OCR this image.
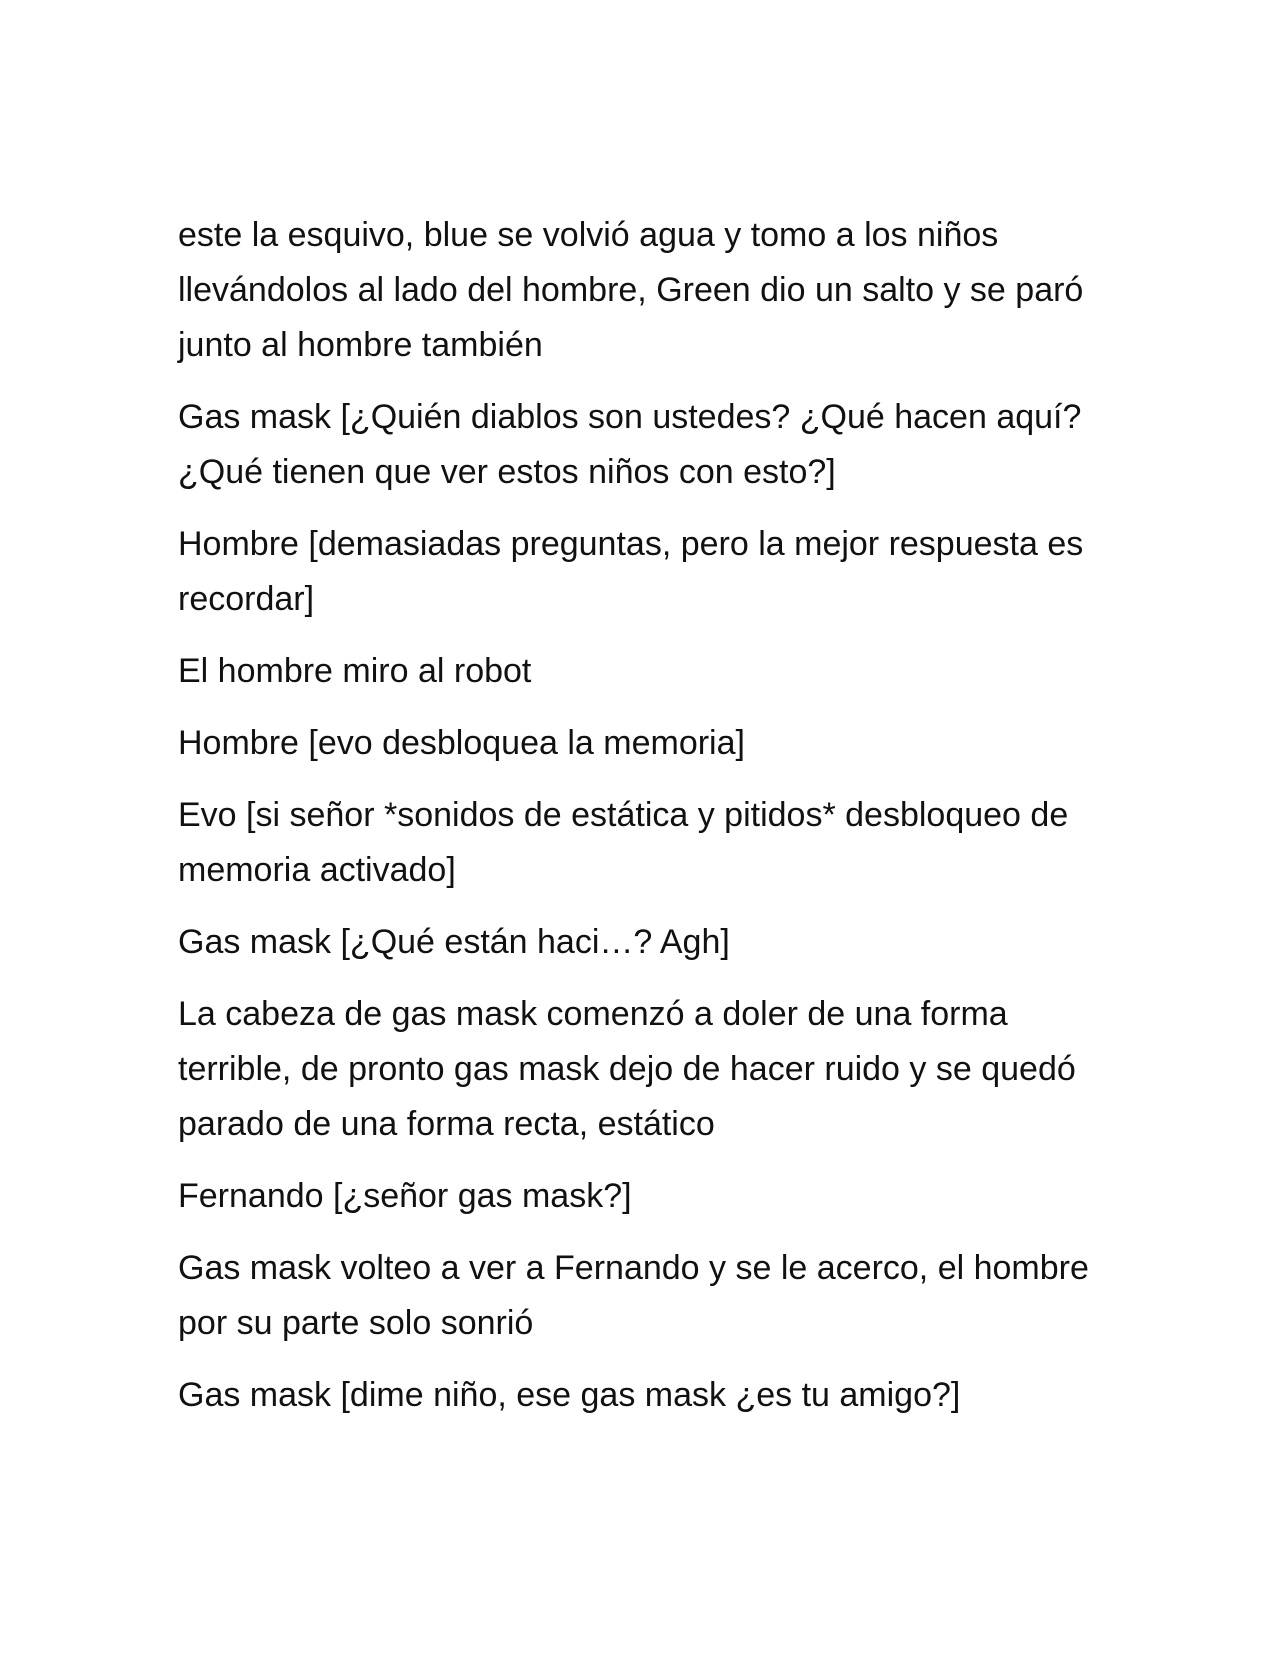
este la esquivo, blue se volvió agua y tomo a los niños llevándolos al lado del hombre, Green dio un salto y se paró junto al hombre también

Gas mask [¿Quién diablos son ustedes? ¿Qué hacen aquí? ¿Qué tienen que ver estos niños con esto?]

Hombre [demasiadas preguntas, pero la mejor respuesta es recordar]

El hombre miro al robot

Hombre [evo desbloquea la memoria]

Evo [si señor *sonidos de estática y pitidos* desbloqueo de memoria activado]

Gas mask [¿Qué están haci…? Agh]

La cabeza de gas mask comenzó a doler de una forma terrible, de pronto gas mask dejo de hacer ruido y se quedó parado de una forma recta, estático

Fernando [¿señor gas mask?]

Gas mask volteo a ver a Fernando y se le acerco, el hombre por su parte solo sonrió

Gas mask [dime niño, ese gas mask ¿es tu amigo?]
